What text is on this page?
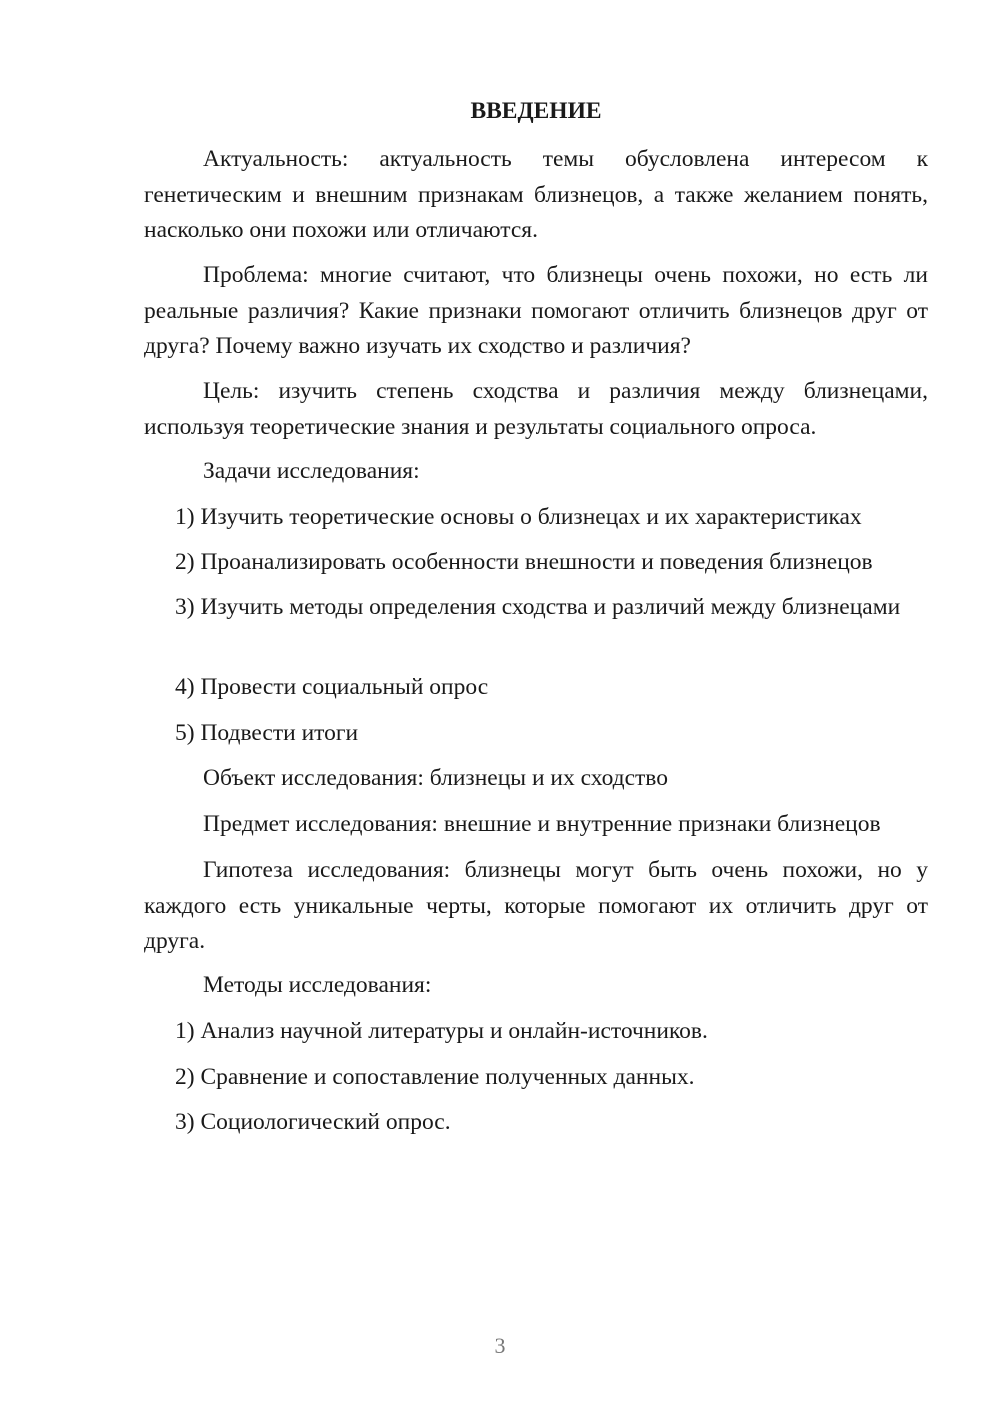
ВВЕДЕНИЕ

Актуальность: актуальность темы обусловлена интересом к генетическим и внешним признакам близнецов, а также желанием понять, насколько они похожи или отличаются.

Проблема: многие считают, что близнецы очень похожи, но есть ли реальные различия? Какие признаки помогают отличить близнецов друг от друга? Почему важно изучать их сходство и различия?

Цель: изучить степень сходства и различия между близнецами, используя теоретические знания и результаты социального опроса.

Задачи исследования:

1) Изучить теоретические основы о близнецах и их характеристиках

2) Проанализировать особенности внешности и поведения близнецов

3) Изучить методы определения сходства и различий между близнецами

4) Провести социальный опрос

5) Подвести итоги

Объект исследования: близнецы и их сходство

Предмет исследования: внешние и внутренние признаки близнецов

Гипотеза исследования: близнецы могут быть очень похожи, но у каждого есть уникальные черты, которые помогают их отличить друг от друга.

Методы исследования:

1) Анализ научной литературы и онлайн-источников.

2) Сравнение и сопоставление полученных данных.

3) Социологический опрос.

3
